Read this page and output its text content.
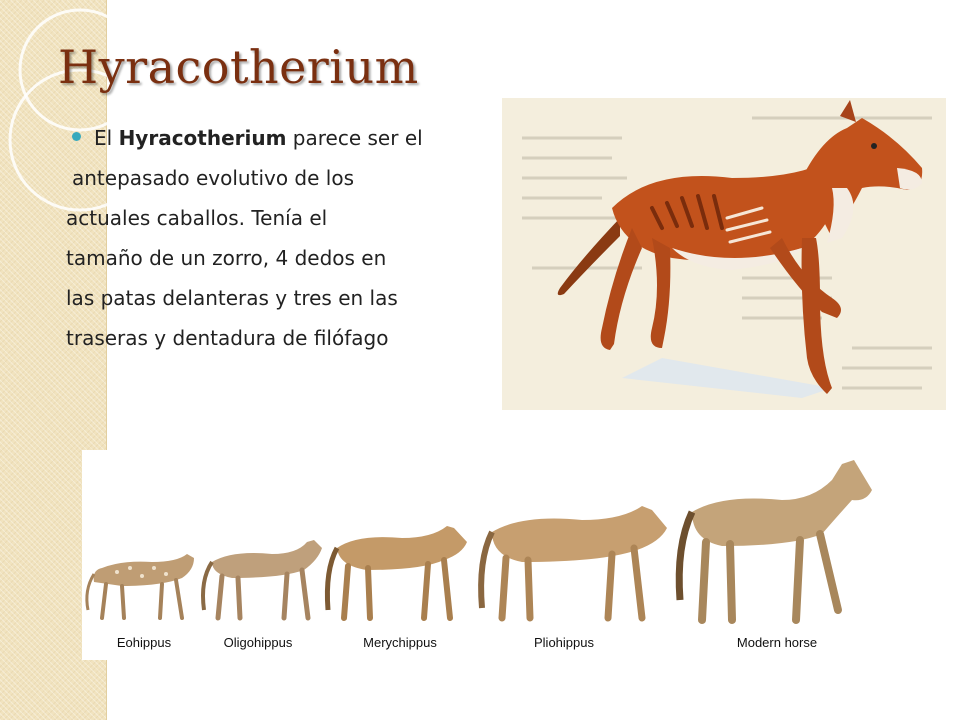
Hyracotherium
El Hyracotherium parece ser el
antepasado evolutivo de los
actuales caballos. Tenía el
tamaño de un zorro, 4 dedos en
las patas delanteras y tres en las
traseras y dentadura de filófago
Eohippus	Oligohippus	Merychippus	Pliohippus	Modern horse
